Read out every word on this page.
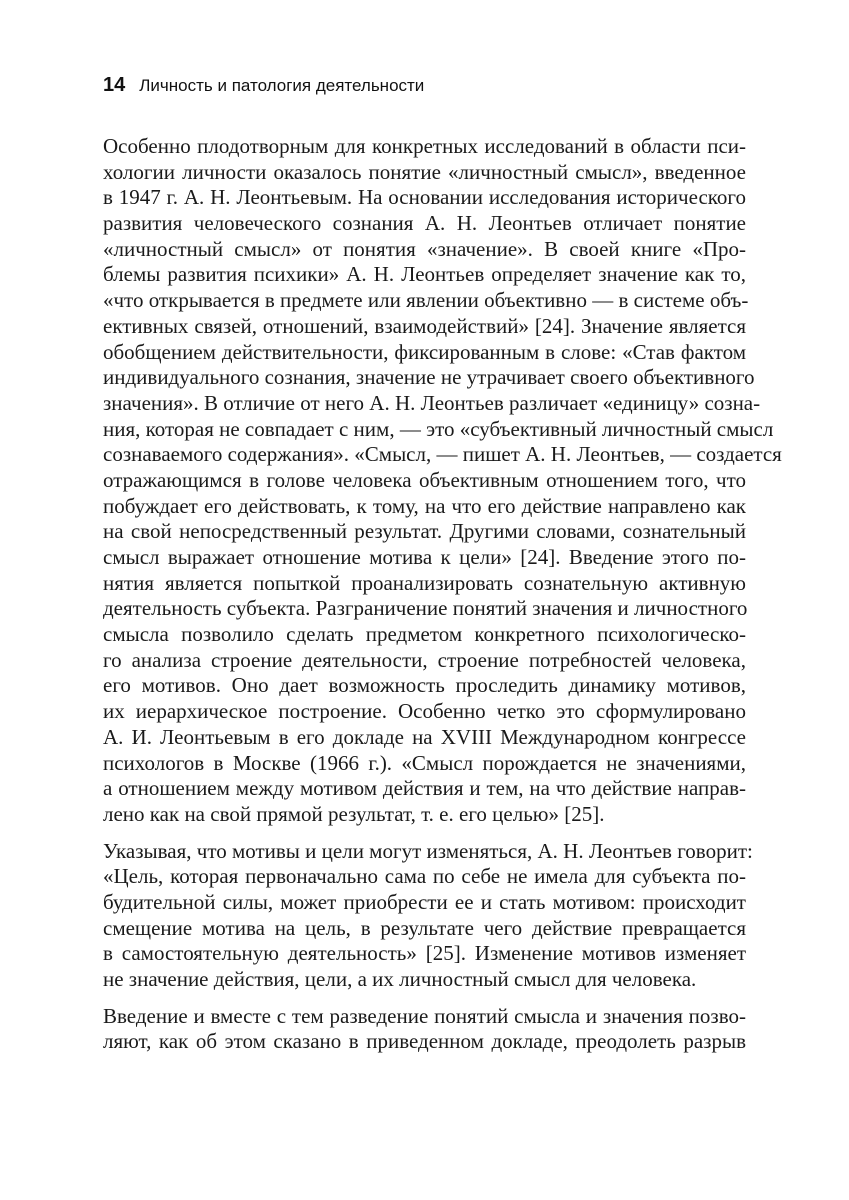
14 Личность и патология деятельности
Особенно плодотворным для конкретных исследований в области пси-
хологии личности оказалось понятие «личностный смысл», введенное
в 1947 г. А. Н. Леонтьевым. На основании исследования исторического
развития человеческого сознания А. Н. Леонтьев отличает понятие
«личностный смысл» от понятия «значение». В своей книге «Про-
блемы развития психики» А. Н. Леонтьев определяет значение как то,
«что открывается в предмете или явлении объективно — в системе объ-
ективных связей, отношений, взаимодействий» [24]. Значение является
обобщением действительности, фиксированным в слове: «Став фактом
индивидуального сознания, значение не утрачивает своего объективного
значения». В отличие от него А. Н. Леонтьев различает «единицу» созна-
ния, которая не совпадает с ним, — это «субъективный личностный смысл
сознаваемого содержания». «Смысл, — пишет А. Н. Леонтьев, — создается
отражающимся в голове человека объективным отношением того, что
побуждает его действовать, к тому, на что его действие направлено как
на свой непосредственный результат. Другими словами, сознательный
смысл выражает отношение мотива к цели» [24]. Введение этого по-
нятия является попыткой проанализировать сознательную активную
деятельность субъекта. Разграничение понятий значения и личностного
смысла позволило сделать предметом конкретного психологическо-
го анализа строение деятельности, строение потребностей человека,
его мотивов. Оно дает возможность проследить динамику мотивов,
их иерархическое построение. Особенно четко это сформулировано
А. И. Леонтьевым в его докладе на XVIII Международном конгрессе
психологов в Москве (1966 г.). «Смысл порождается не значениями,
а отношением между мотивом действия и тем, на что действие направ-
лено как на свой прямой результат, т. е. его целью» [25].
Указывая, что мотивы и цели могут изменяться, А. Н. Леонтьев говорит:
«Цель, которая первоначально сама по себе не имела для субъекта по-
будительной силы, может приобрести ее и стать мотивом: происходит
смещение мотива на цель, в результате чего действие превращается
в самостоятельную деятельность» [25]. Изменение мотивов изменяет
не значение действия, цели, а их личностный смысл для человека.
Введение и вместе с тем разведение понятий смысла и значения позво-
ляют, как об этом сказано в приведенном докладе, преодолеть разрыв
